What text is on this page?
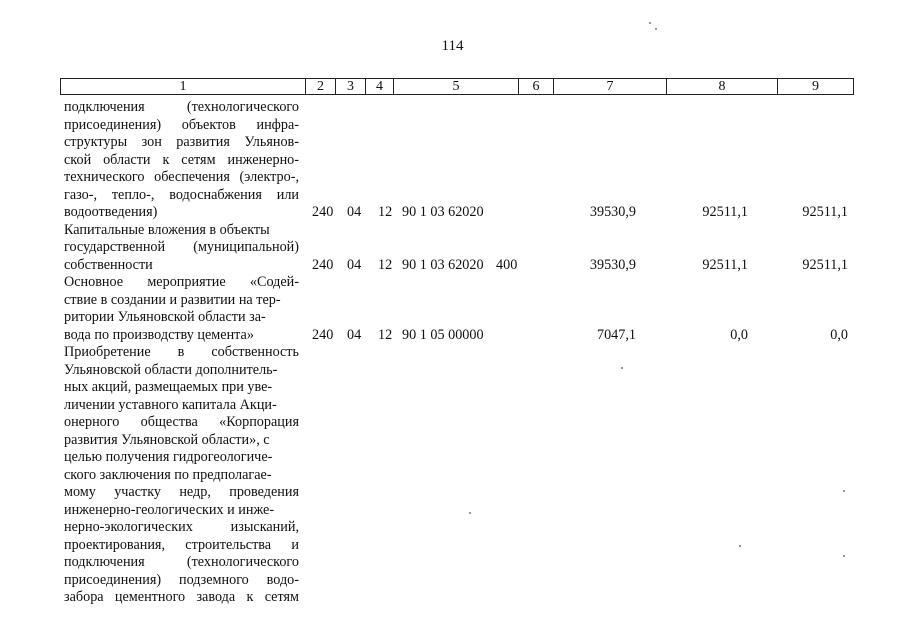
114
1	2	3	4	5	6	7	8	9
подключения	(технологического
присоединения) объектов инфра-
структуры зон развития Ульянов-
ской области к сетям инженерно-
технического обеспечения (электро-,
газо-, тепло-, водоснабжения или
водоотведения)	240 04 12 90 1 03 62020	39530,9	92511,1	92511,1
Капитальные вложения в объекты
государственной (муниципальной)
собственности	240 04 12 90 1 03 62020 400	39530,9	92511,1	92511,1
Основное мероприятие «Содей-
ствие в создании и развитии на тер-
ритории Ульяновской области за-
вода по производству цемента»	240 04 12 90 1 05 00000	7047,1	0,0	0,0
Приобретение в собственность
Ульяновской области дополнитель-
ных акций, размещаемых при уве-
личении уставного капитала Акци-
онерного общества «Корпорация
развития Ульяновской области», с
целью получения гидрогеологиче-
ского заключения по предполагае-
мому участку недр, проведения
инженерно-геологических и инже-
нерно-экологических	изысканий,
проектирования, строительства и
подключения	(технологического
присоединения) подземного водо-
забора цементного завода к сетям
